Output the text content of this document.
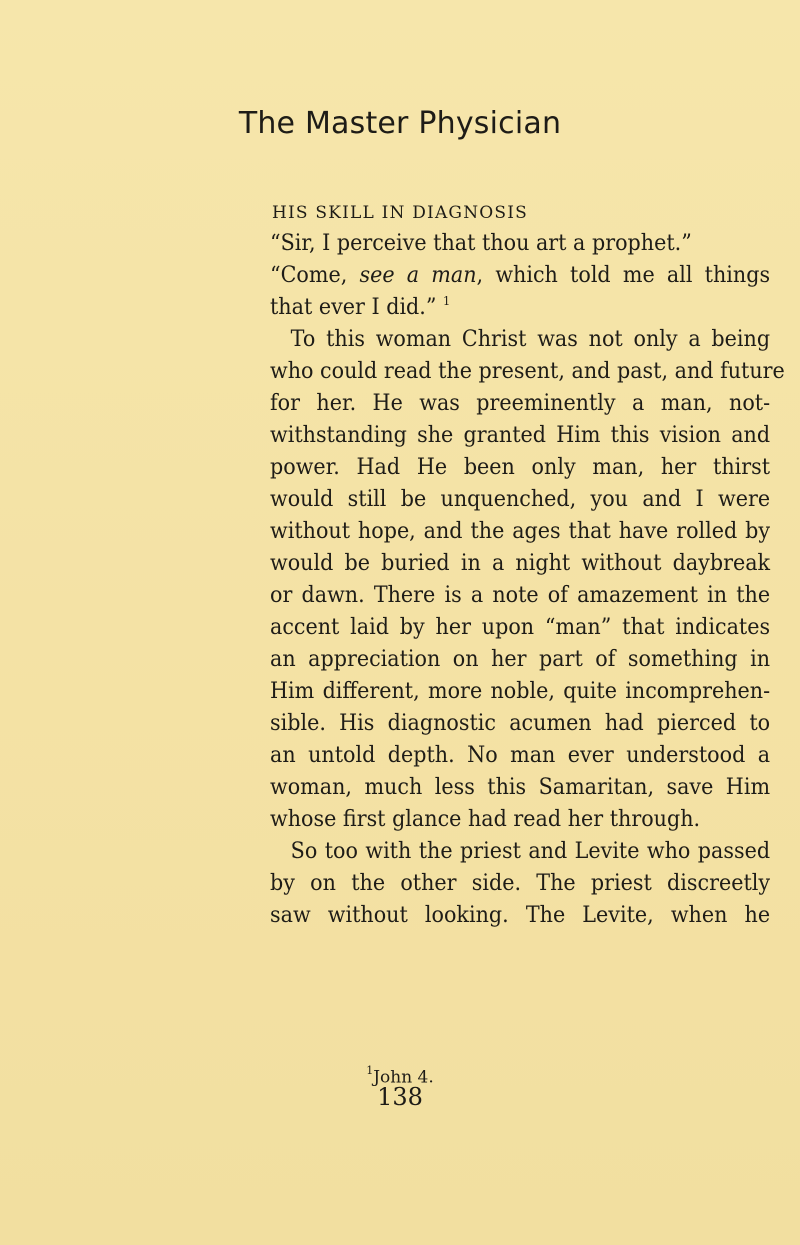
The Master Physician
HIS SKILL IN DIAGNOSIS
“Sir, I perceive that thou art a prophet.”
“Come, see a man, which told me all things
that ever I did.” $^1$
To this woman Christ was not only a being
who could read the present, and past, and future
for her. He was preeminently a man, not-
withstanding she granted Him this vision and
power. Had He been only man, her thirst
would still be unquenched, you and I were
without hope, and the ages that have rolled by
would be buried in a night without daybreak
or dawn. There is a note of amazement in the
accent laid by her upon “man” that indicates
an appreciation on her part of something in
Him different, more noble, quite incomprehen-
sible. His diagnostic acumen had pierced to
an untold depth. No man ever understood a
woman, much less this Samaritan, save Him
whose first glance had read her through.
So too with the priest and Levite who passed
by on the other side. The priest discreetly
saw without looking. The Levite, when he
$^1$John 4.
138
